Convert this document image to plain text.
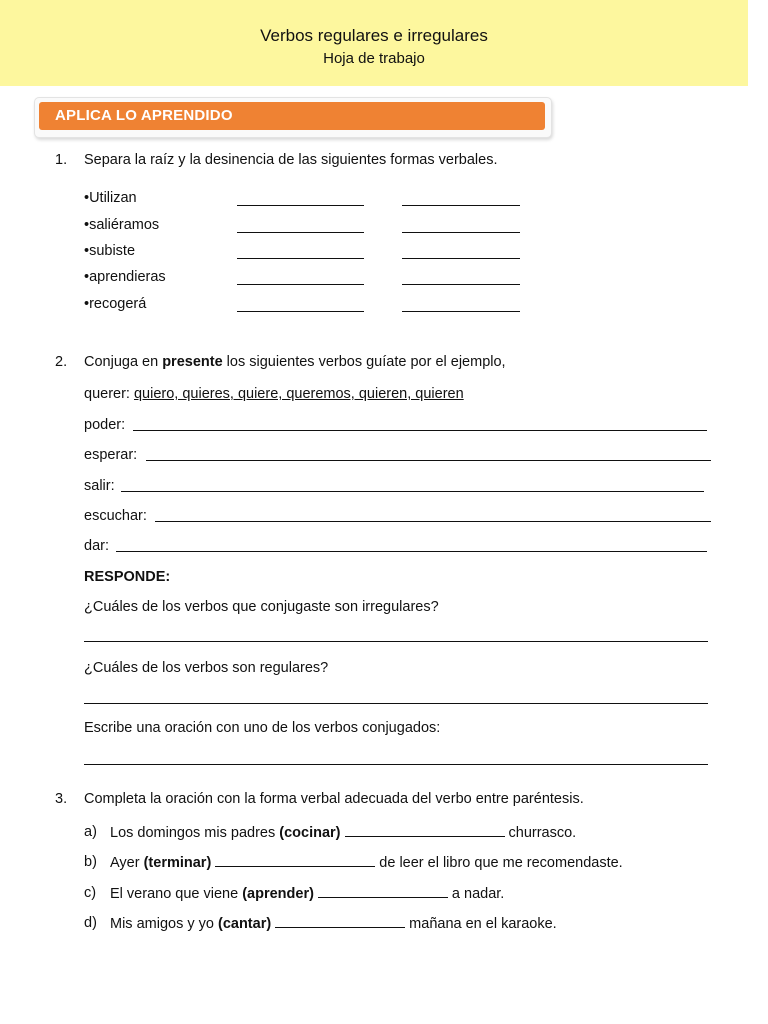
Verbos regulares e irregulares
Hoja de trabajo
APLICA LO APRENDIDO
1. Separa la raíz y la desinencia de las siguientes formas verbales.
•Utilizan
•saliéramos
•subiste
•aprendieras
•recogerá
2. Conjuga en presente los siguientes verbos guíate por el ejemplo,
querer: quiero, quieres, quiere, queremos, quieren, quieren
poder:
esperar:
salir:
escuchar:
dar:
RESPONDE:
¿Cuáles de los verbos que conjugaste son irregulares?
¿Cuáles de los verbos son regulares?
Escribe una oración con uno de los verbos conjugados:
3. Completa la oración con la forma verbal adecuada del verbo entre paréntesis.
a) Los domingos mis padres (cocinar)	churrasco.
b) Ayer (terminar)	de leer el libro que me recomendaste.
c) El verano que viene (aprender)	a nadar.
d) Mis amigos y yo (cantar)	mañana en el karaoke.
